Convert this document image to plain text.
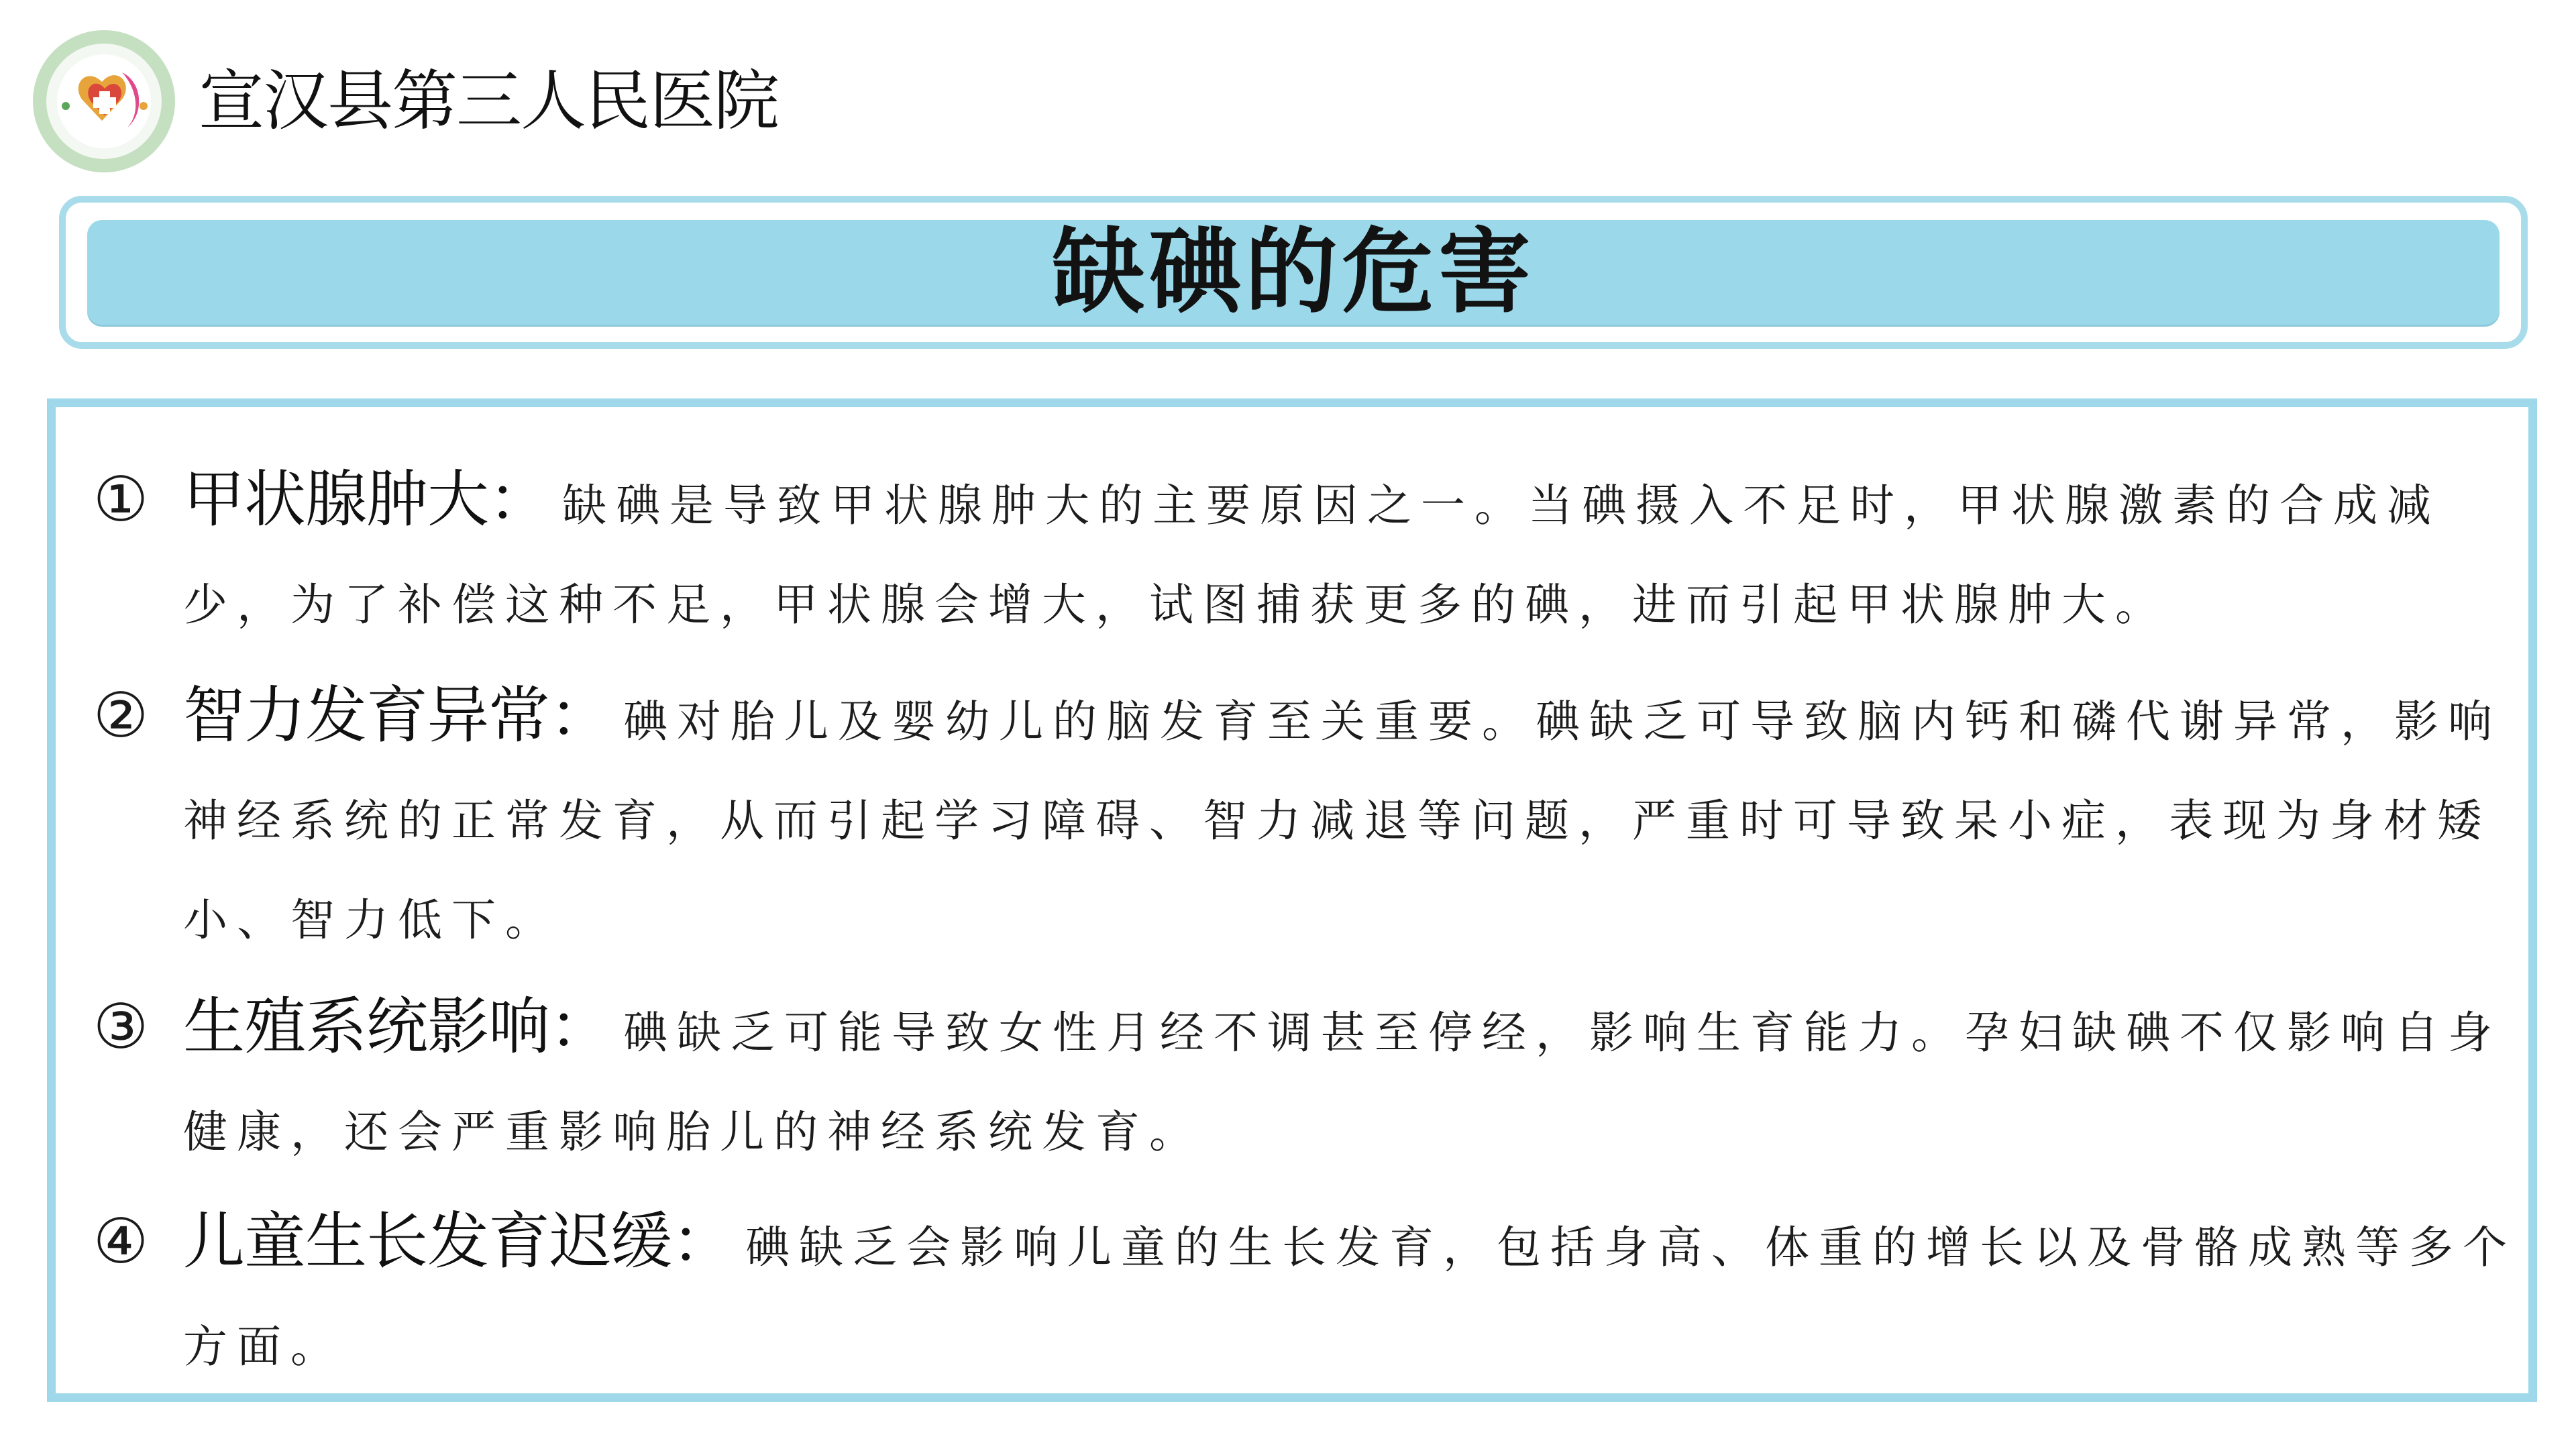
宣汉县第三人民医院
缺碘的危害
① 甲状腺肿大： 缺碘是导致甲状腺肿大的主要原因之一。当碘摄入不足时，甲状腺激素的合成减少，为了补偿这种不足，甲状腺会增大，试图捕获更多的碘，进而引起甲状腺肿大。
② 智力发育异常： 碘对胎儿及婴幼儿的脑发育至关重要。碘缺乏可导致脑内钙和磷代谢异常，影响神经系统的正常发育，从而引起学习障碍、智力减退等问题，严重时可导致呆小症，表现为身材矮小、智力低下。
③ 生殖系统影响： 碘缺乏可能导致女性月经不调甚至停经，影响生育能力。孕妇缺碘不仅影响自身健康，还会严重影响胎儿的神经系统发育。
④ 儿童生长发育迟缓： 碘缺乏会影响儿童的生长发育，包括身高、体重的增长以及骨骼成熟等多个方面。
